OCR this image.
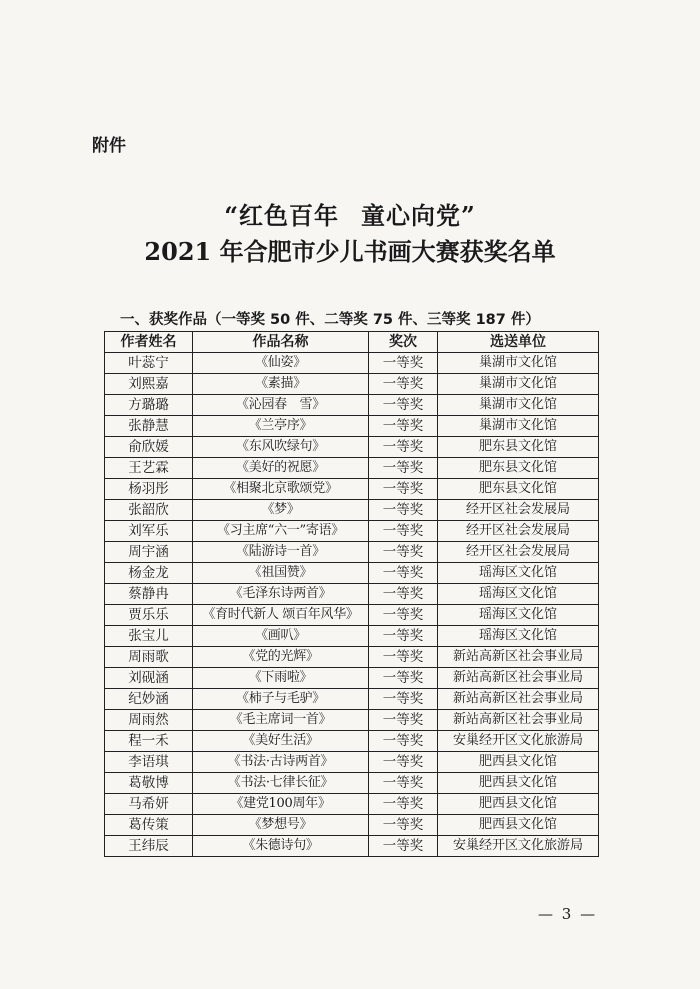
附件
“红色百年 童心向党”
2021 年合肥市少儿书画大赛获奖名单
一、获奖作品（一等奖 50 件、二等奖 75 件、三等奖 187 件）
作者姓名	作品名称	奖次	选送单位
叶蕊宁	《仙姿》	一等奖	巢湖市文化馆
刘熙嘉	《素描》	一等奖	巢湖市文化馆
方璐璐	《沁园春　雪》	一等奖	巢湖市文化馆
张静慧	《兰亭序》	一等奖	巢湖市文化馆
俞欣媛	《东风吹绿句》	一等奖	肥东县文化馆
王艺霖	《美好的祝愿》	一等奖	肥东县文化馆
杨羽彤	《相聚北京歌颂党》	一等奖	肥东县文化馆
张韶欣	《梦》	一等奖	经开区社会发展局
刘军乐	《习主席“六一”寄语》	一等奖	经开区社会发展局
周宇涵	《陆游诗一首》	一等奖	经开区社会发展局
杨金龙	《祖国赞》	一等奖	瑶海区文化馆
蔡静冉	《毛泽东诗两首》	一等奖	瑶海区文化馆
贾乐乐	《育时代新人 颂百年风华》	一等奖	瑶海区文化馆
张宝儿	《画叭》	一等奖	瑶海区文化馆
周雨歌	《党的光辉》	一等奖	新站高新区社会事业局
刘砚涵	《下雨啦》	一等奖	新站高新区社会事业局
纪妙涵	《柿子与毛驴》	一等奖	新站高新区社会事业局
周雨然	《毛主席词一首》	一等奖	新站高新区社会事业局
程一禾	《美好生活》	一等奖	安巢经开区文化旅游局
李语琪	《书法·古诗两首》	一等奖	肥西县文化馆
葛敬博	《书法·七律长征》	一等奖	肥西县文化馆
马希妍	《建党100周年》	一等奖	肥西县文化馆
葛传策	《梦想号》	一等奖	肥西县文化馆
王纬辰	《朱德诗句》	一等奖	安巢经开区文化旅游局
— 3 —
